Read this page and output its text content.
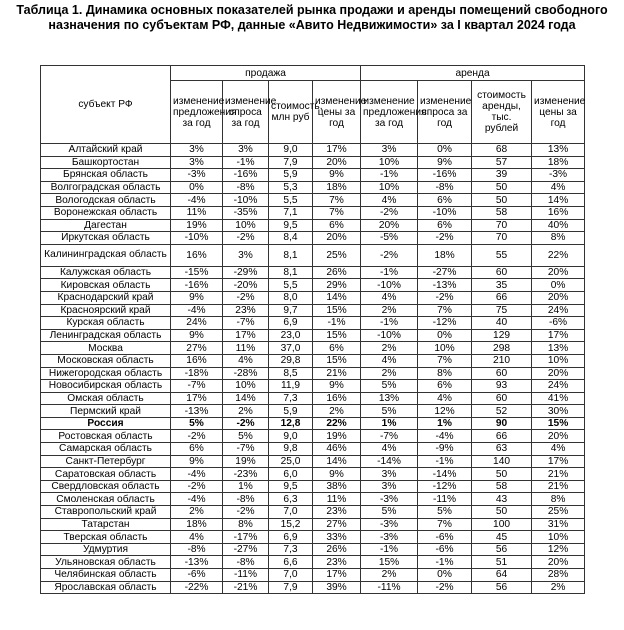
Таблица 1. Динамика основных показателей рынка продажи и аренды помещений свободного назначения по субъектам РФ, данные «Авито Недвижимости» за I квартал 2024 года
субъект РФ	продажа				аренда			
	изменение предложения за год	изменение спроса за год	стоимость, млн руб	изменение цены за год	изменение предложения за год	изменение спроса за год	стоимость аренды, тыс. рублей	изменение цены за год
Алтайский край	3%	3%	9,0	17%	3%	0%	68	13%
Башкортостан	3%	-1%	7,9	20%	10%	9%	57	18%
Брянская область	-3%	-16%	5,9	9%	-1%	-16%	39	-3%
Волгоградская область	0%	-8%	5,3	18%	10%	-8%	50	4%
Вологодская область	-4%	-10%	5,5	7%	4%	6%	50	14%
Воронежская область	11%	-35%	7,1	7%	-2%	-10%	58	16%
Дагестан	19%	10%	9,5	6%	20%	6%	70	40%
Иркутская область	-10%	-2%	8,4	20%	-5%	-2%	70	8%
Калининградская область	16%	3%	8,1	25%	-2%	18%	55	22%
Калужская область	-15%	-29%	8,1	26%	-1%	-27%	60	20%
Кировская область	-16%	-20%	5,5	29%	-10%	-13%	35	0%
Краснодарский край	9%	-2%	8,0	14%	4%	-2%	66	20%
Красноярский край	-4%	23%	9,7	15%	2%	7%	75	24%
Курская область	24%	-7%	6,9	-1%	-1%	-12%	40	-6%
Ленинградская область	9%	17%	23,0	15%	-10%	0%	129	17%
Москва	27%	11%	37,0	6%	2%	10%	298	13%
Московская область	16%	4%	29,8	15%	4%	7%	210	10%
Нижегородская область	-18%	-28%	8,5	21%	2%	8%	60	20%
Новосибирская область	-7%	10%	11,9	9%	5%	6%	93	24%
Омская область	17%	14%	7,3	16%	13%	4%	60	41%
Пермский край	-13%	2%	5,9	2%	5%	12%	52	30%
Россия	5%	-2%	12,8	22%	1%	1%	90	15%
Ростовская область	-2%	5%	9,0	19%	-7%	-4%	66	20%
Самарская область	6%	-7%	9,8	46%	4%	-9%	63	4%
Санкт-Петербург	9%	19%	25,0	14%	-14%	-1%	140	17%
Саратовская область	-4%	-23%	6,0	9%	3%	-14%	50	21%
Свердловская область	-2%	1%	9,5	38%	3%	-12%	58	21%
Смоленская область	-4%	-8%	6,3	11%	-3%	-11%	43	8%
Ставропольский край	2%	-2%	7,0	23%	5%	5%	50	25%
Татарстан	18%	8%	15,2	27%	-3%	7%	100	31%
Тверская область	4%	-17%	6,9	33%	-3%	-6%	45	10%
Удмуртия	-8%	-27%	7,3	26%	-1%	-6%	56	12%
Ульяновская область	-13%	-8%	6,6	23%	15%	-1%	51	20%
Челябинская область	-6%	-11%	7,0	17%	2%	0%	64	28%
Ярославская область	-22%	-21%	7,9	39%	-11%	-2%	56	2%
